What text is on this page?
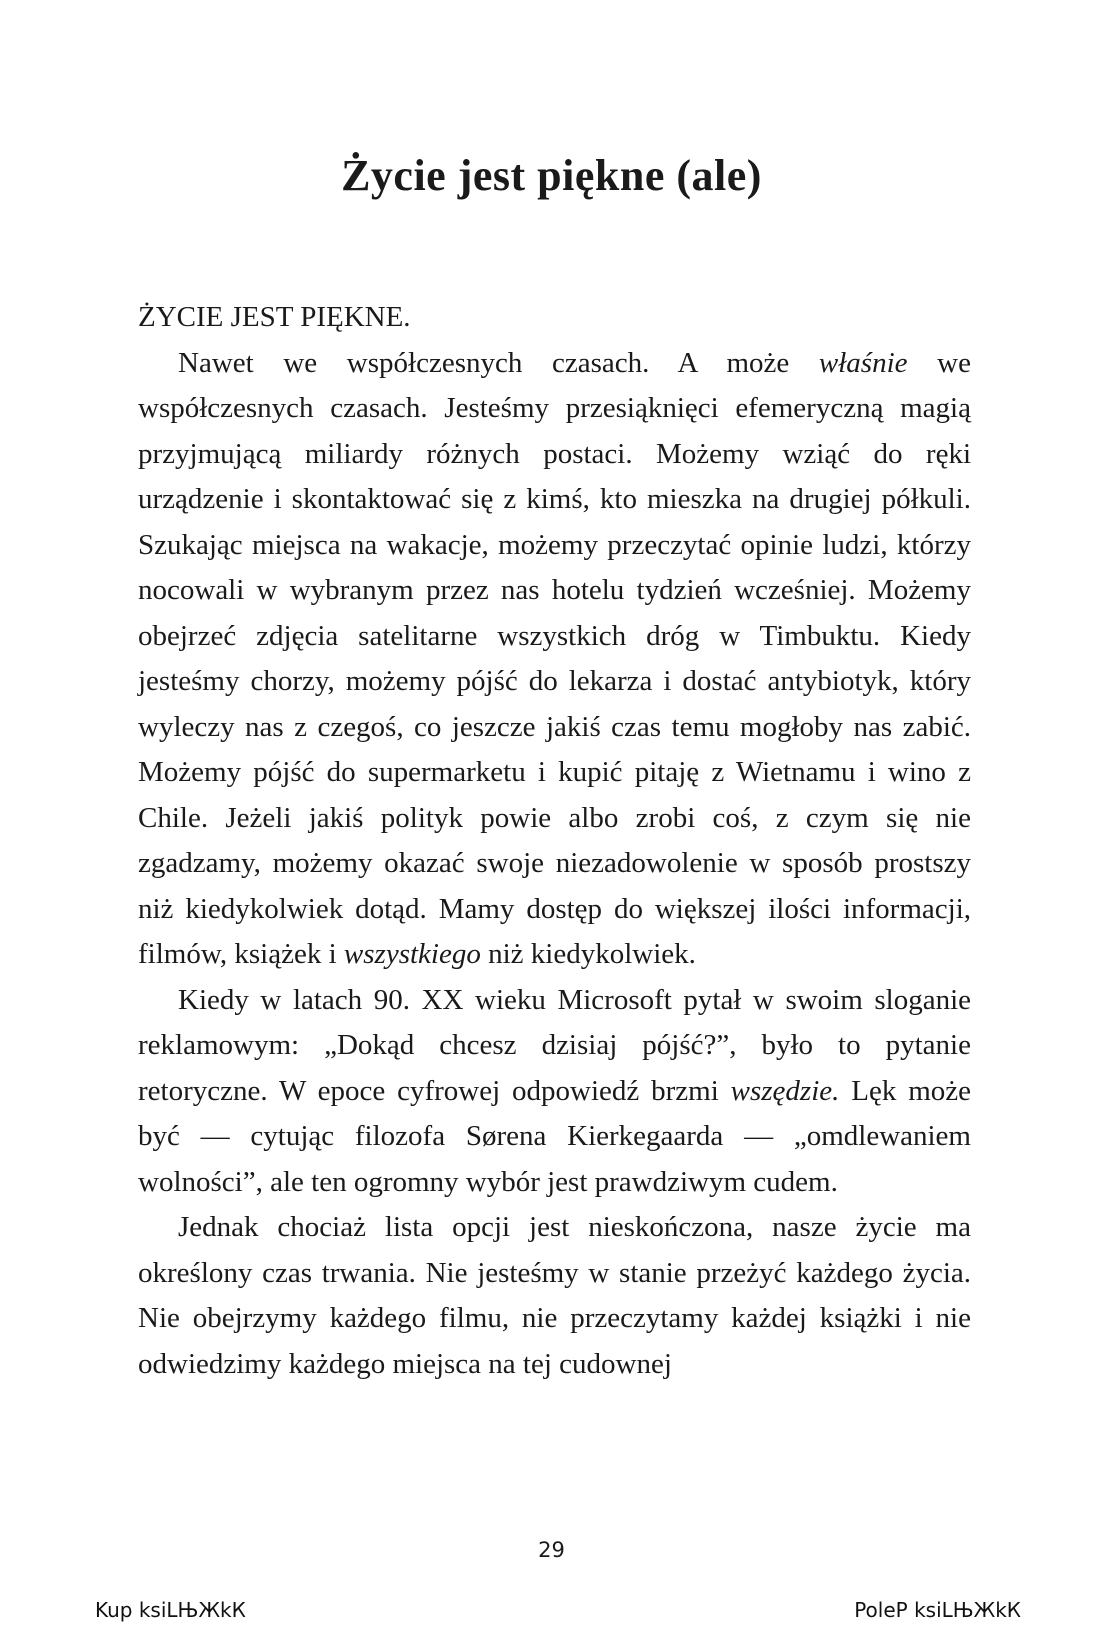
Życie jest piękne (ale)

ŻYCIE JEST PIĘKNE.

Nawet we współczesnych czasach. A może właśnie we współczesnych czasach. Jesteśmy przesiąknięci efemeryczną magią przyjmującą miliardy różnych postaci. Możemy wziąć do ręki urządzenie i skontaktować się z kimś, kto mieszka na drugiej półkuli. Szukając miejsca na wakacje, możemy przeczytać opinie ludzi, którzy nocowali w wybranym przez nas hotelu tydzień wcześniej. Możemy obejrzeć zdjęcia satelitarne wszystkich dróg w Timbuktu. Kiedy jesteśmy chorzy, możemy pójść do lekarza i dostać antybiotyk, który wyleczy nas z czegoś, co jeszcze jakiś czas temu mogłoby nas zabić. Możemy pójść do supermarketu i kupić pitaję z Wietnamu i wino z Chile. Jeżeli jakiś polityk powie albo zrobi coś, z czym się nie zgadzamy, możemy okazać swoje niezadowolenie w sposób prostszy niż kiedykolwiek dotąd. Mamy dostęp do większej ilości informacji, filmów, książek i wszystkiego niż kiedykolwiek.

Kiedy w latach 90. XX wieku Microsoft pytał w swoim sloganie reklamowym: „Dokąd chcesz dzisiaj pójść?”, było to pytanie retoryczne. W epoce cyfrowej odpowiedź brzmi wszędzie. Lęk może być — cytując filozofa Sørena Kierkegaarda — „omdlewaniem wolności”, ale ten ogromny wybór jest prawdziwym cudem.

Jednak chociaż lista opcji jest nieskończona, nasze życie ma określony czas trwania. Nie jesteśmy w stanie przeżyć każdego życia. Nie obejrzymy każdego filmu, nie przeczytamy każdej książki i nie odwiedzimy każdego miejsca na tej cudownej

29
Kup ksiLЊЖkК	PoleР ksiLЊЖkК
